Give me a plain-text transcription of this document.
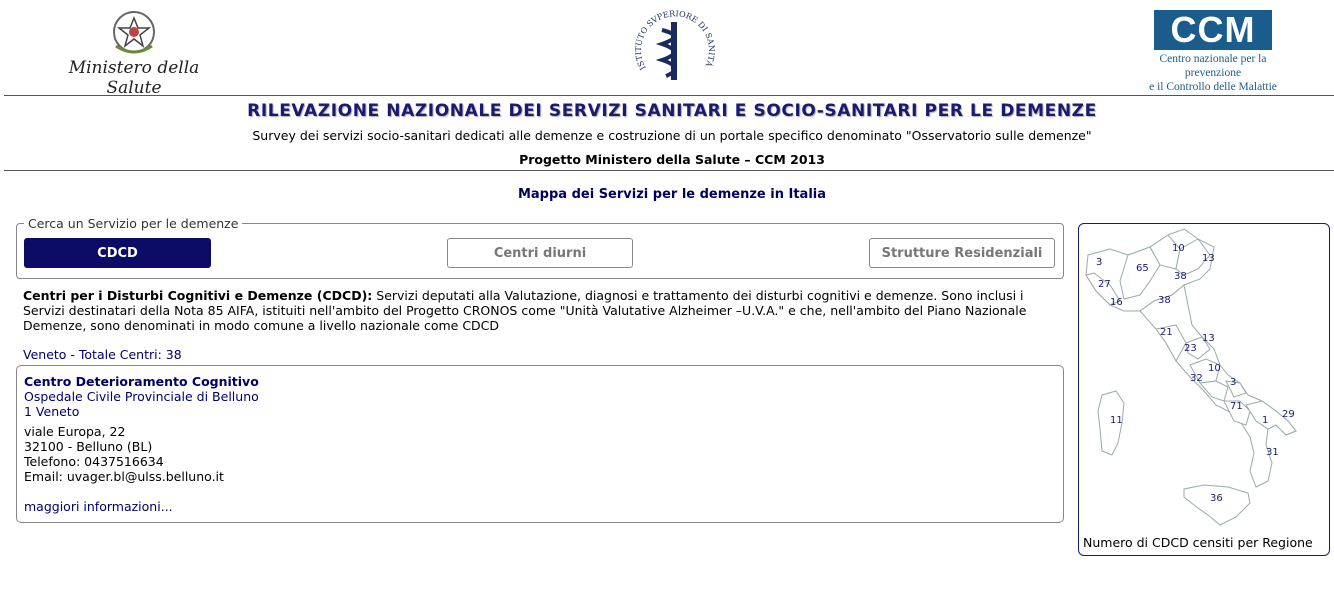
Ministero della Salute
ISTITUTO SVPERIORE DI SANITÀ
CCM
Centro nazionale per la prevenzione
e il Controllo delle Malattie
RILEVAZIONE NAZIONALE DEI SERVIZI SANITARI E SOCIO-SANITARI PER LE DEMENZE
Survey dei servizi socio-sanitari dedicati alle demenze e costruzione di un portale specifico denominato "Osservatorio sulle demenze"
Progetto Ministero della Salute – CCM 2013
Mappa dei Servizi per le demenze in Italia
Cerca un Servizio per le demenze
CDCD	Centri diurni	Strutture Residenziali
Centri per i Disturbi Cognitivi e Demenze (CDCD): Servizi deputati alla Valutazione, diagnosi e trattamento dei disturbi cognitivi e demenze. Sono inclusi i Servizi destinatari della Nota 85 AIFA, istituiti nell'ambito del Progetto CRONOS come "Unità Valutative Alzheimer –U.V.A." e che, nell'ambito del Piano Nazionale Demenze, sono denominati in modo comune a livello nazionale come CDCD
Veneto - Totale Centri: 38
Centro Deterioramento Cognitivo
Ospedale Civile Provinciale di Belluno
1 Veneto
viale Europa, 22
32100 - Belluno (BL)
Telefono: 0437516634
Email: uvager.bl@ulss.belluno.it
maggiori informazioni...
10
13
3
65
38
27
16	38
21
13
23
10
32	3
71
11	1
29
31
36
Numero di CDCD censiti per Regione
